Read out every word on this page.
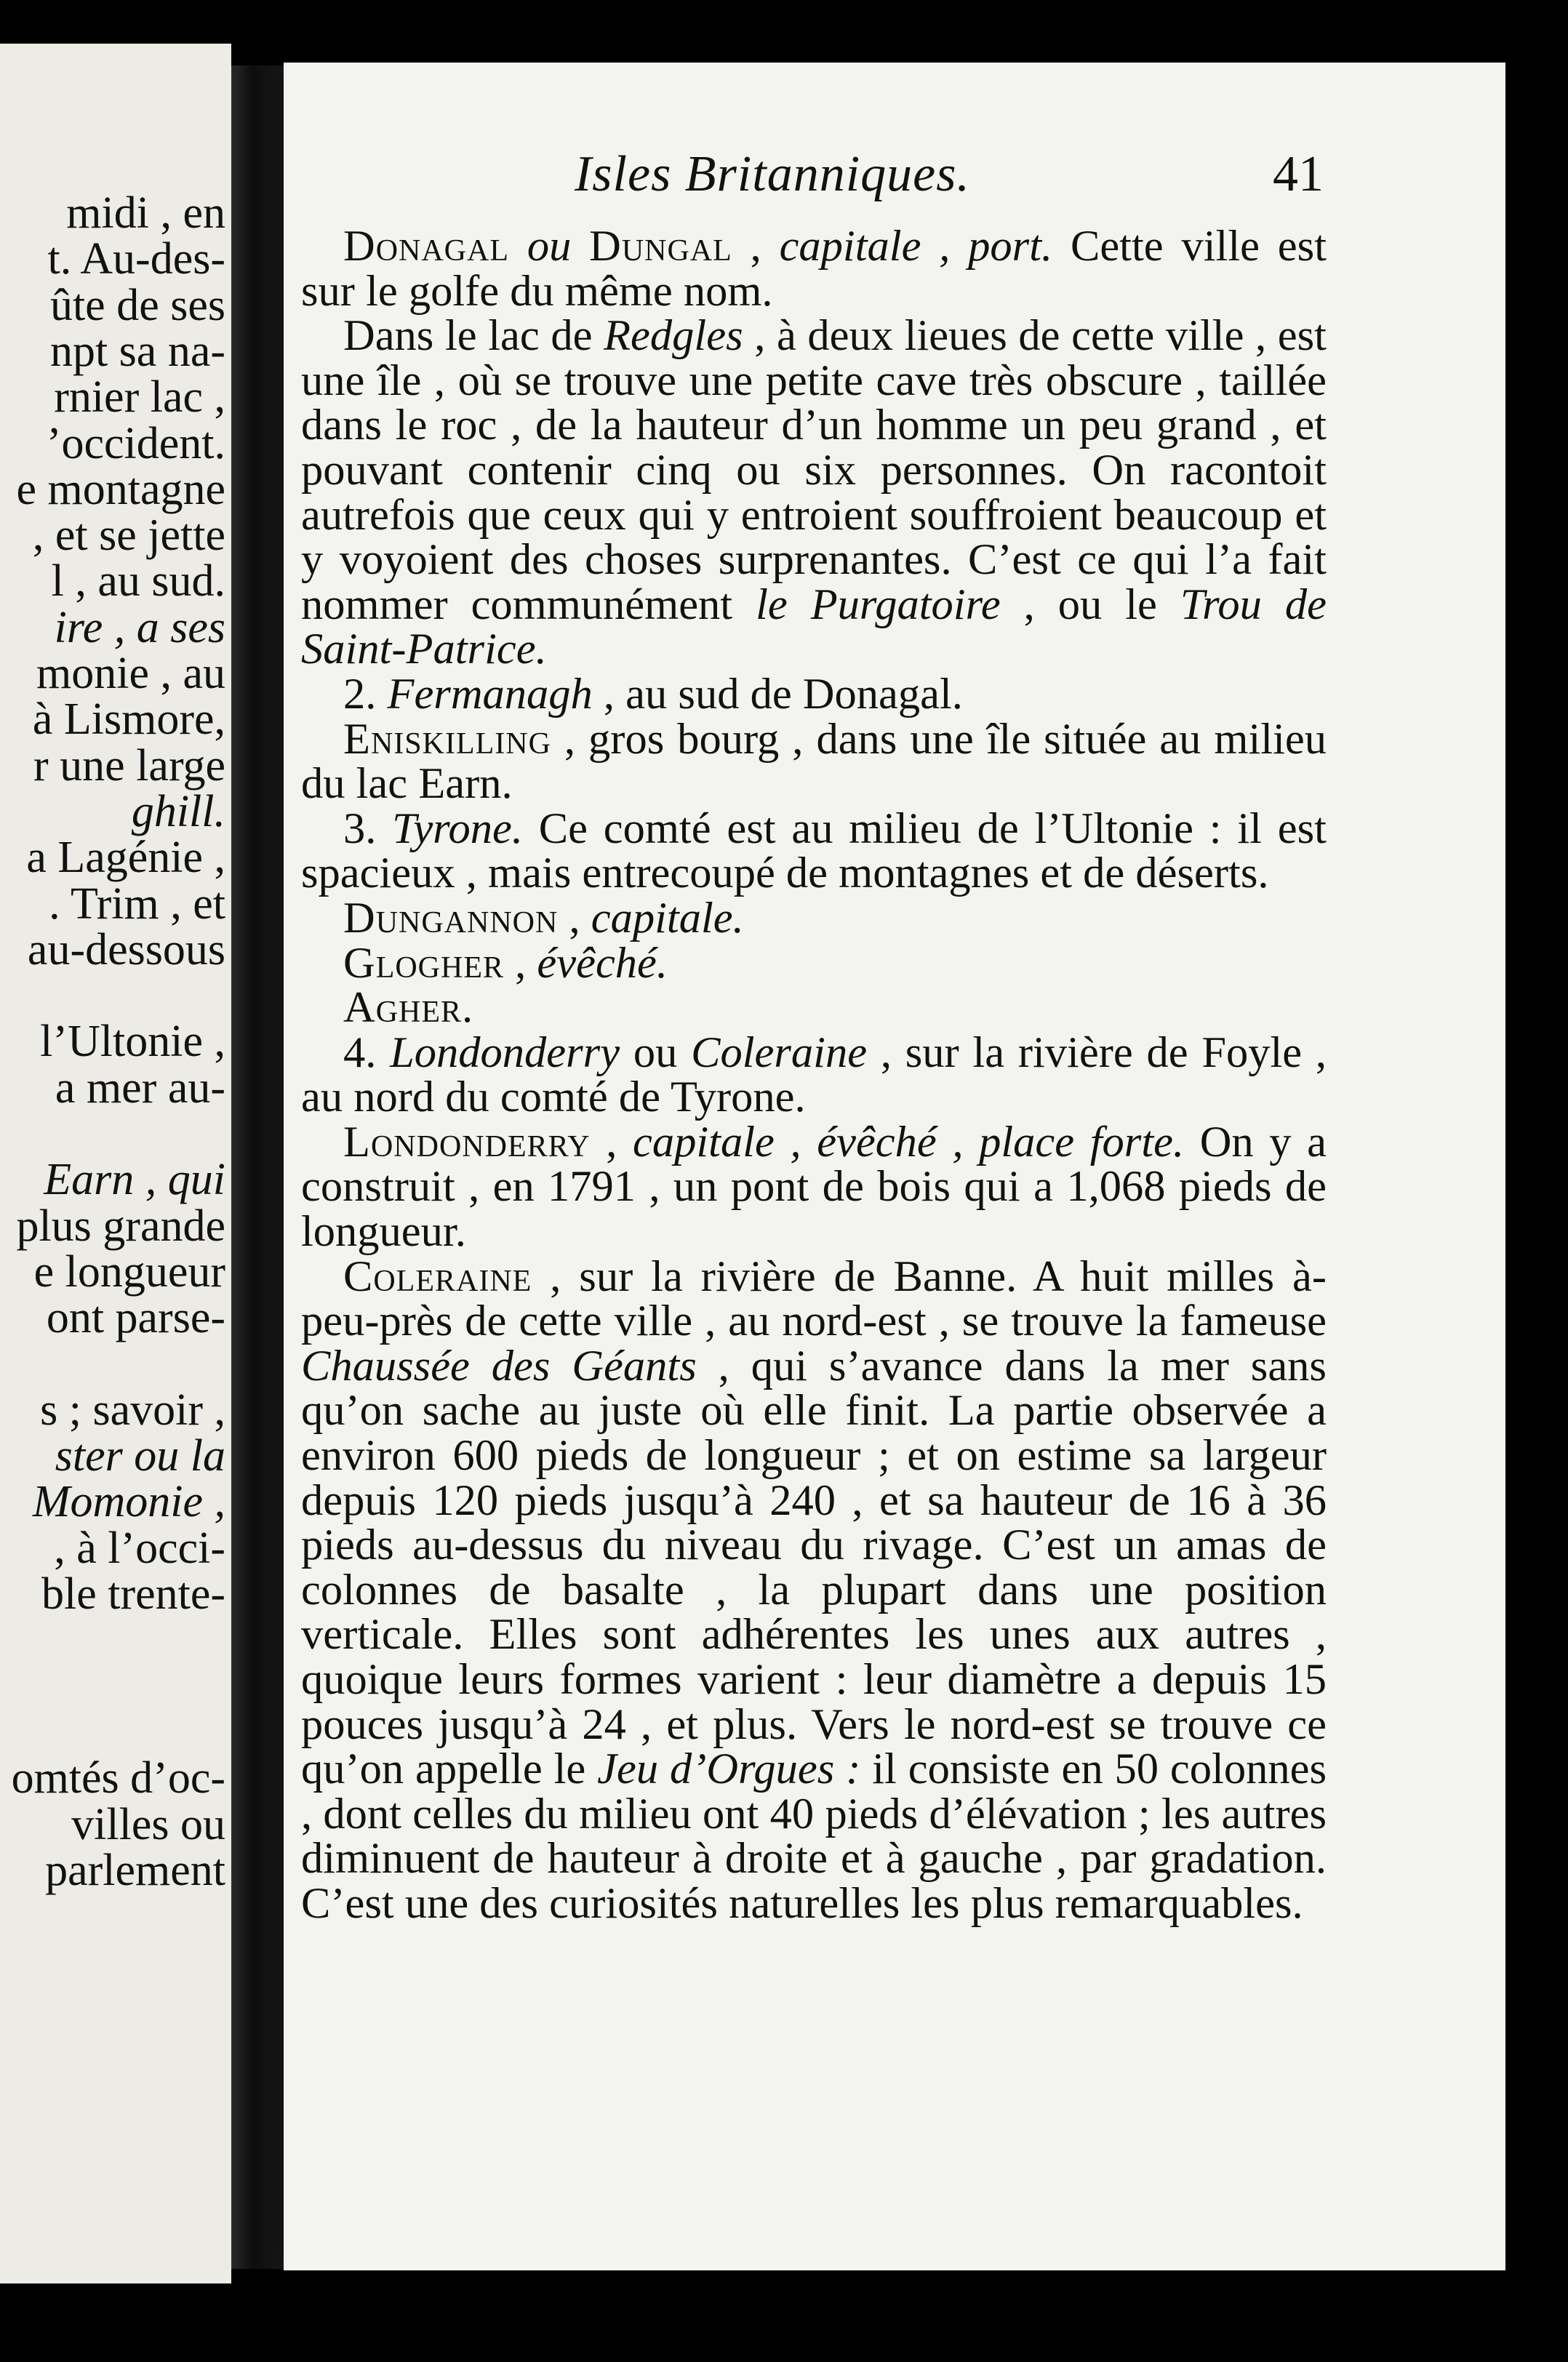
midi , en
t. Au-des-
ûte de ses
npt sa na-
rnier lac ,
’occident.
e montagne
, et se jette
l , au sud.
ire , a ses
monie , au
à Lismore,
r une large
ghill.
a Lagénie ,
. Trim , et
au-dessous
l’Ultonie ,
a mer au-
Earn , qui
plus grande
e longueur
ont parse-
s ; savoir ,
ster ou la
Momonie ,
, à l’occi-
ble trente-
omtés d’oc-
villes ou
parlement
Isles Britanniques.	41

Donagal ou Dungal , capitale , port. Cette ville est sur le golfe du même nom.

Dans le lac de Redgles , à deux lieues de cette ville , est une île , où se trouve une petite cave très obscure , taillée dans le roc , de la hauteur d’un homme un peu grand , et pouvant contenir cinq ou six personnes. On racontoit autrefois que ceux qui y entroient souffroient beaucoup et y voyoient des choses surprenantes. C’est ce qui l’a fait nommer communément le Purgatoire , ou le Trou de Saint-Patrice.

2. Fermanagh , au sud de Donagal.

Eniskilling , gros bourg , dans une île située au milieu du lac Earn.

3. Tyrone. Ce comté est au milieu de l’Ultonie : il est spacieux , mais entrecoupé de montagnes et de déserts.

Dungannon , capitale.

Glogher , évêché.

Agher.

4. Londonderry ou Coleraine , sur la rivière de Foyle , au nord du comté de Tyrone.

Londonderry , capitale , évêché , place forte. On y a construit , en 1791 , un pont de bois qui a 1,068 pieds de longueur.

Coleraine , sur la rivière de Banne. A huit milles à-peu-près de cette ville , au nord-est , se trouve la fameuse Chaussée des Géants , qui s’avance dans la mer sans qu’on sache au juste où elle finit. La partie observée a environ 600 pieds de longueur ; et on estime sa largeur depuis 120 pieds jusqu’à 240 , et sa hauteur de 16 à 36 pieds au-dessus du niveau du rivage. C’est un amas de colonnes de basalte , la plupart dans une position verticale. Elles sont adhérentes les unes aux autres , quoique leurs formes varient : leur diamètre a depuis 15 pouces jusqu’à 24 , et plus. Vers le nord-est se trouve ce qu’on appelle le Jeu d’Orgues : il consiste en 50 colonnes , dont celles du milieu ont 40 pieds d’élévation ; les autres diminuent de hauteur à droite et à gauche , par gradation. C’est une des curiosités naturelles les plus remarquables.
